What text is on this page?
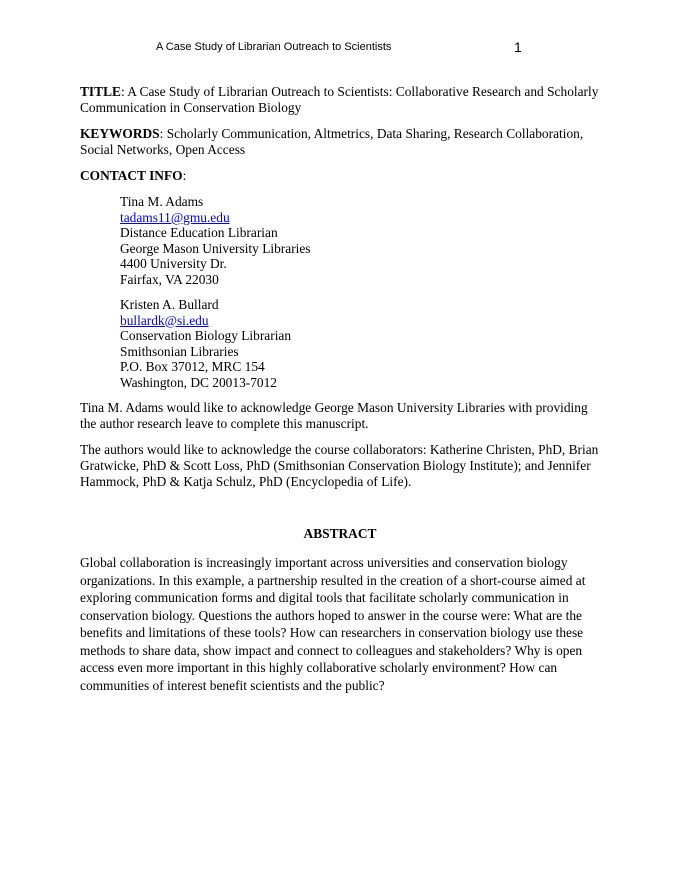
A Case Study of Librarian Outreach to Scientists	1

TITLE: A Case Study of Librarian Outreach to Scientists: Collaborative Research and Scholarly Communication in Conservation Biology

KEYWORDS: Scholarly Communication, Altmetrics, Data Sharing, Research Collaboration, Social Networks, Open Access

CONTACT INFO:

Tina M. Adams
tadams11@gmu.edu
Distance Education Librarian
George Mason University Libraries
4400 University Dr.
Fairfax, VA 22030
Kristen A. Bullard
bullardk@si.edu
Conservation Biology Librarian
Smithsonian Libraries
P.O. Box 37012, MRC 154
Washington, DC 20013-7012

Tina M. Adams would like to acknowledge George Mason University Libraries with providing the author research leave to complete this manuscript.

The authors would like to acknowledge the course collaborators: Katherine Christen, PhD, Brian Gratwicke, PhD & Scott Loss, PhD (Smithsonian Conservation Biology Institute); and Jennifer Hammock, PhD & Katja Schulz, PhD (Encyclopedia of Life).

ABSTRACT

Global collaboration is increasingly important across universities and conservation biology organizations. In this example, a partnership resulted in the creation of a short-course aimed at exploring communication forms and digital tools that facilitate scholarly communication in conservation biology. Questions the authors hoped to answer in the course were: What are the benefits and limitations of these tools? How can researchers in conservation biology use these methods to share data, show impact and connect to colleagues and stakeholders? Why is open access even more important in this highly collaborative scholarly environment? How can communities of interest benefit scientists and the public?
